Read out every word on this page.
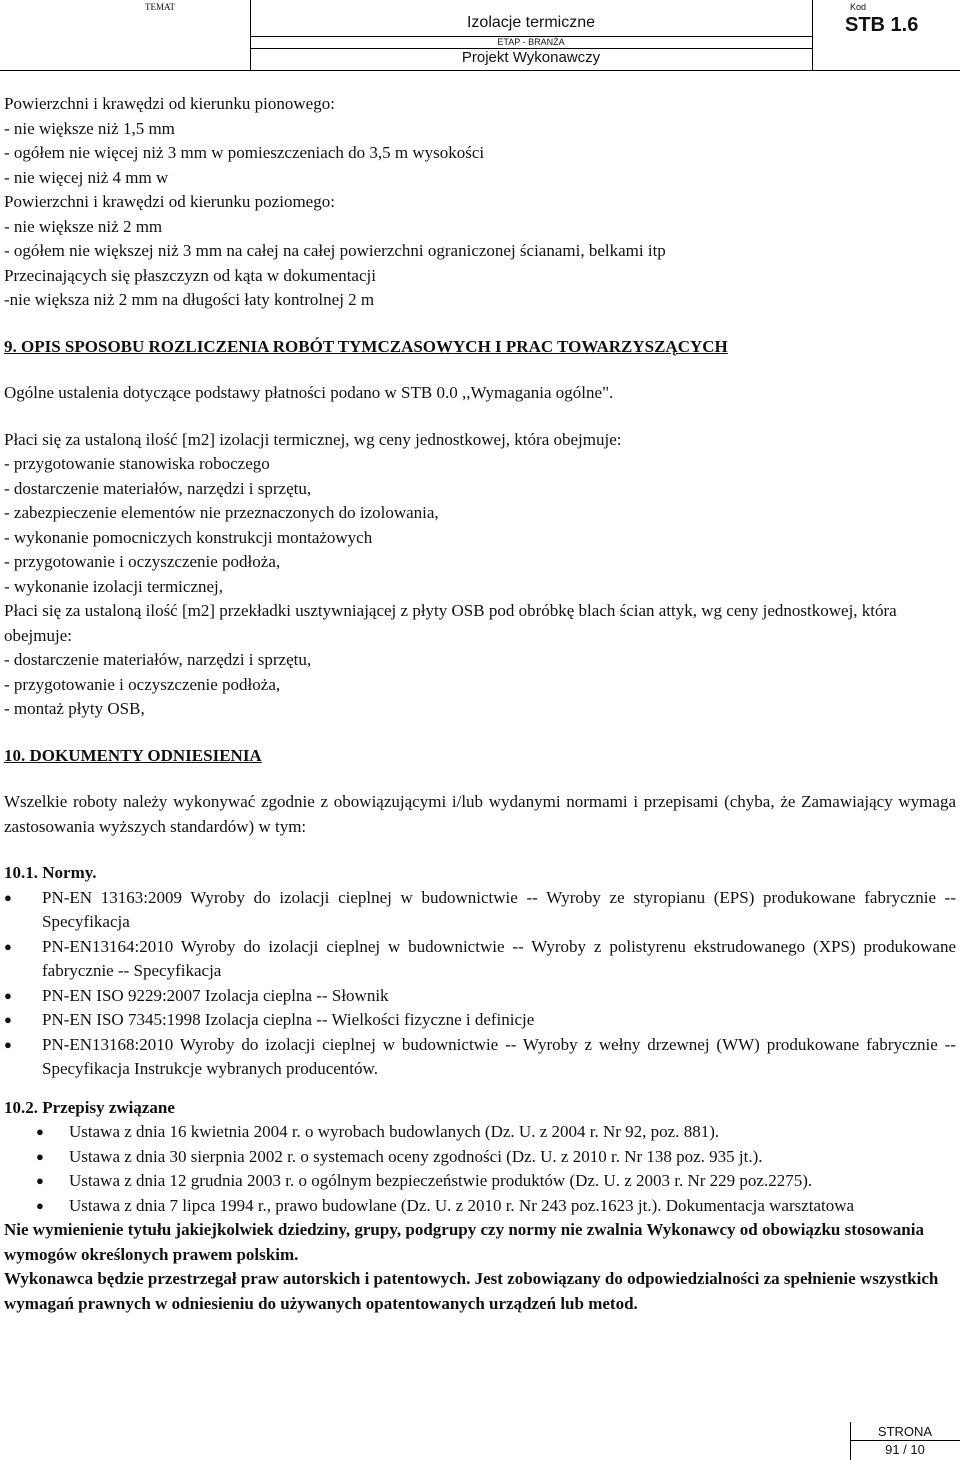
TEMAT
Izolacje termiczne
ETAP - BRANŻA
Projekt Wykonawczy
Kod
STB 1.6

Powierzchni i krawędzi od kierunku pionowego:

- nie większe niż 1,5 mm

- ogółem nie więcej niż 3 mm w pomieszczeniach do 3,5 m wysokości

- nie więcej niż 4 mm w

Powierzchni i krawędzi od kierunku poziomego:

- nie większe niż 2 mm

- ogółem nie większej niż 3 mm na całej na całej powierzchni ograniczonej ścianami, belkami itp

Przecinających się płaszczyzn od kąta w dokumentacji

-nie większa niż 2 mm na długości łaty kontrolnej 2 m

9. OPIS SPOSOBU ROZLICZENIA ROBÓT TYMCZASOWYCH I PRAC TOWARZYSZĄCYCH

Ogólne ustalenia dotyczące podstawy płatności podano w STB 0.0 ,,Wymagania ogólne".

Płaci się za ustaloną ilość [m2] izolacji termicznej, wg ceny jednostkowej, która obejmuje:

- przygotowanie stanowiska roboczego

- dostarczenie materiałów, narzędzi i sprzętu,

- zabezpieczenie elementów nie przeznaczonych do izolowania,

- wykonanie pomocniczych konstrukcji montażowych

- przygotowanie i oczyszczenie podłoża,

- wykonanie izolacji termicznej,

Płaci się za ustaloną ilość [m2] przekładki usztywniającej z płyty OSB pod obróbkę blach ścian attyk, wg ceny jednostkowej, która obejmuje:

- dostarczenie materiałów, narzędzi i sprzętu,

- przygotowanie i oczyszczenie podłoża,

- montaż płyty OSB,

10. DOKUMENTY ODNIESIENIA

Wszelkie roboty należy wykonywać zgodnie z obowiązującymi i/lub wydanymi normami i przepisami (chyba, że Zamawiający wymaga zastosowania wyższych standardów) w tym:

10.1. Normy.

● PN-EN 13163:2009 Wyroby do izolacji cieplnej w budownictwie -- Wyroby ze styropianu (EPS) produkowane fabrycznie -- Specyfikacja
● PN-EN13164:2010 Wyroby do izolacji cieplnej w budownictwie -- Wyroby z polistyrenu ekstrudowanego (XPS) produkowane fabrycznie -- Specyfikacja
● PN-EN ISO 9229:2007 Izolacja cieplna -- Słownik
● PN-EN ISO 7345:1998 Izolacja cieplna -- Wielkości fizyczne i definicje
● PN-EN13168:2010 Wyroby do izolacji cieplnej w budownictwie -- Wyroby z wełny drzewnej (WW) produkowane fabrycznie -- Specyfikacja Instrukcje wybranych producentów.

10.2. Przepisy związane

● Ustawa z dnia 16 kwietnia 2004 r. o wyrobach budowlanych (Dz. U. z 2004 r. Nr 92, poz. 881).
● Ustawa z dnia 30 sierpnia 2002 r. o systemach oceny zgodności (Dz. U. z 2010 r. Nr 138 poz. 935 jt.).
● Ustawa z dnia 12 grudnia 2003 r. o ogólnym bezpieczeństwie produktów (Dz. U. z 2003 r. Nr 229 poz.2275).
● Ustawa z dnia 7 lipca 1994 r., prawo budowlane (Dz. U. z 2010 r. Nr 243 poz.1623 jt.). Dokumentacja warsztatowa

Nie wymienienie tytułu jakiejkolwiek dziedziny, grupy, podgrupy czy normy nie zwalnia Wykonawcy od obowiązku stosowania wymogów określonych prawem polskim.

Wykonawca będzie przestrzegał praw autorskich i patentowych. Jest zobowiązany do odpowiedzialności za spełnienie wszystkich wymagań prawnych w odniesieniu do używanych opatentowanych urządzeń lub metod.

STRONA
91 / 10
